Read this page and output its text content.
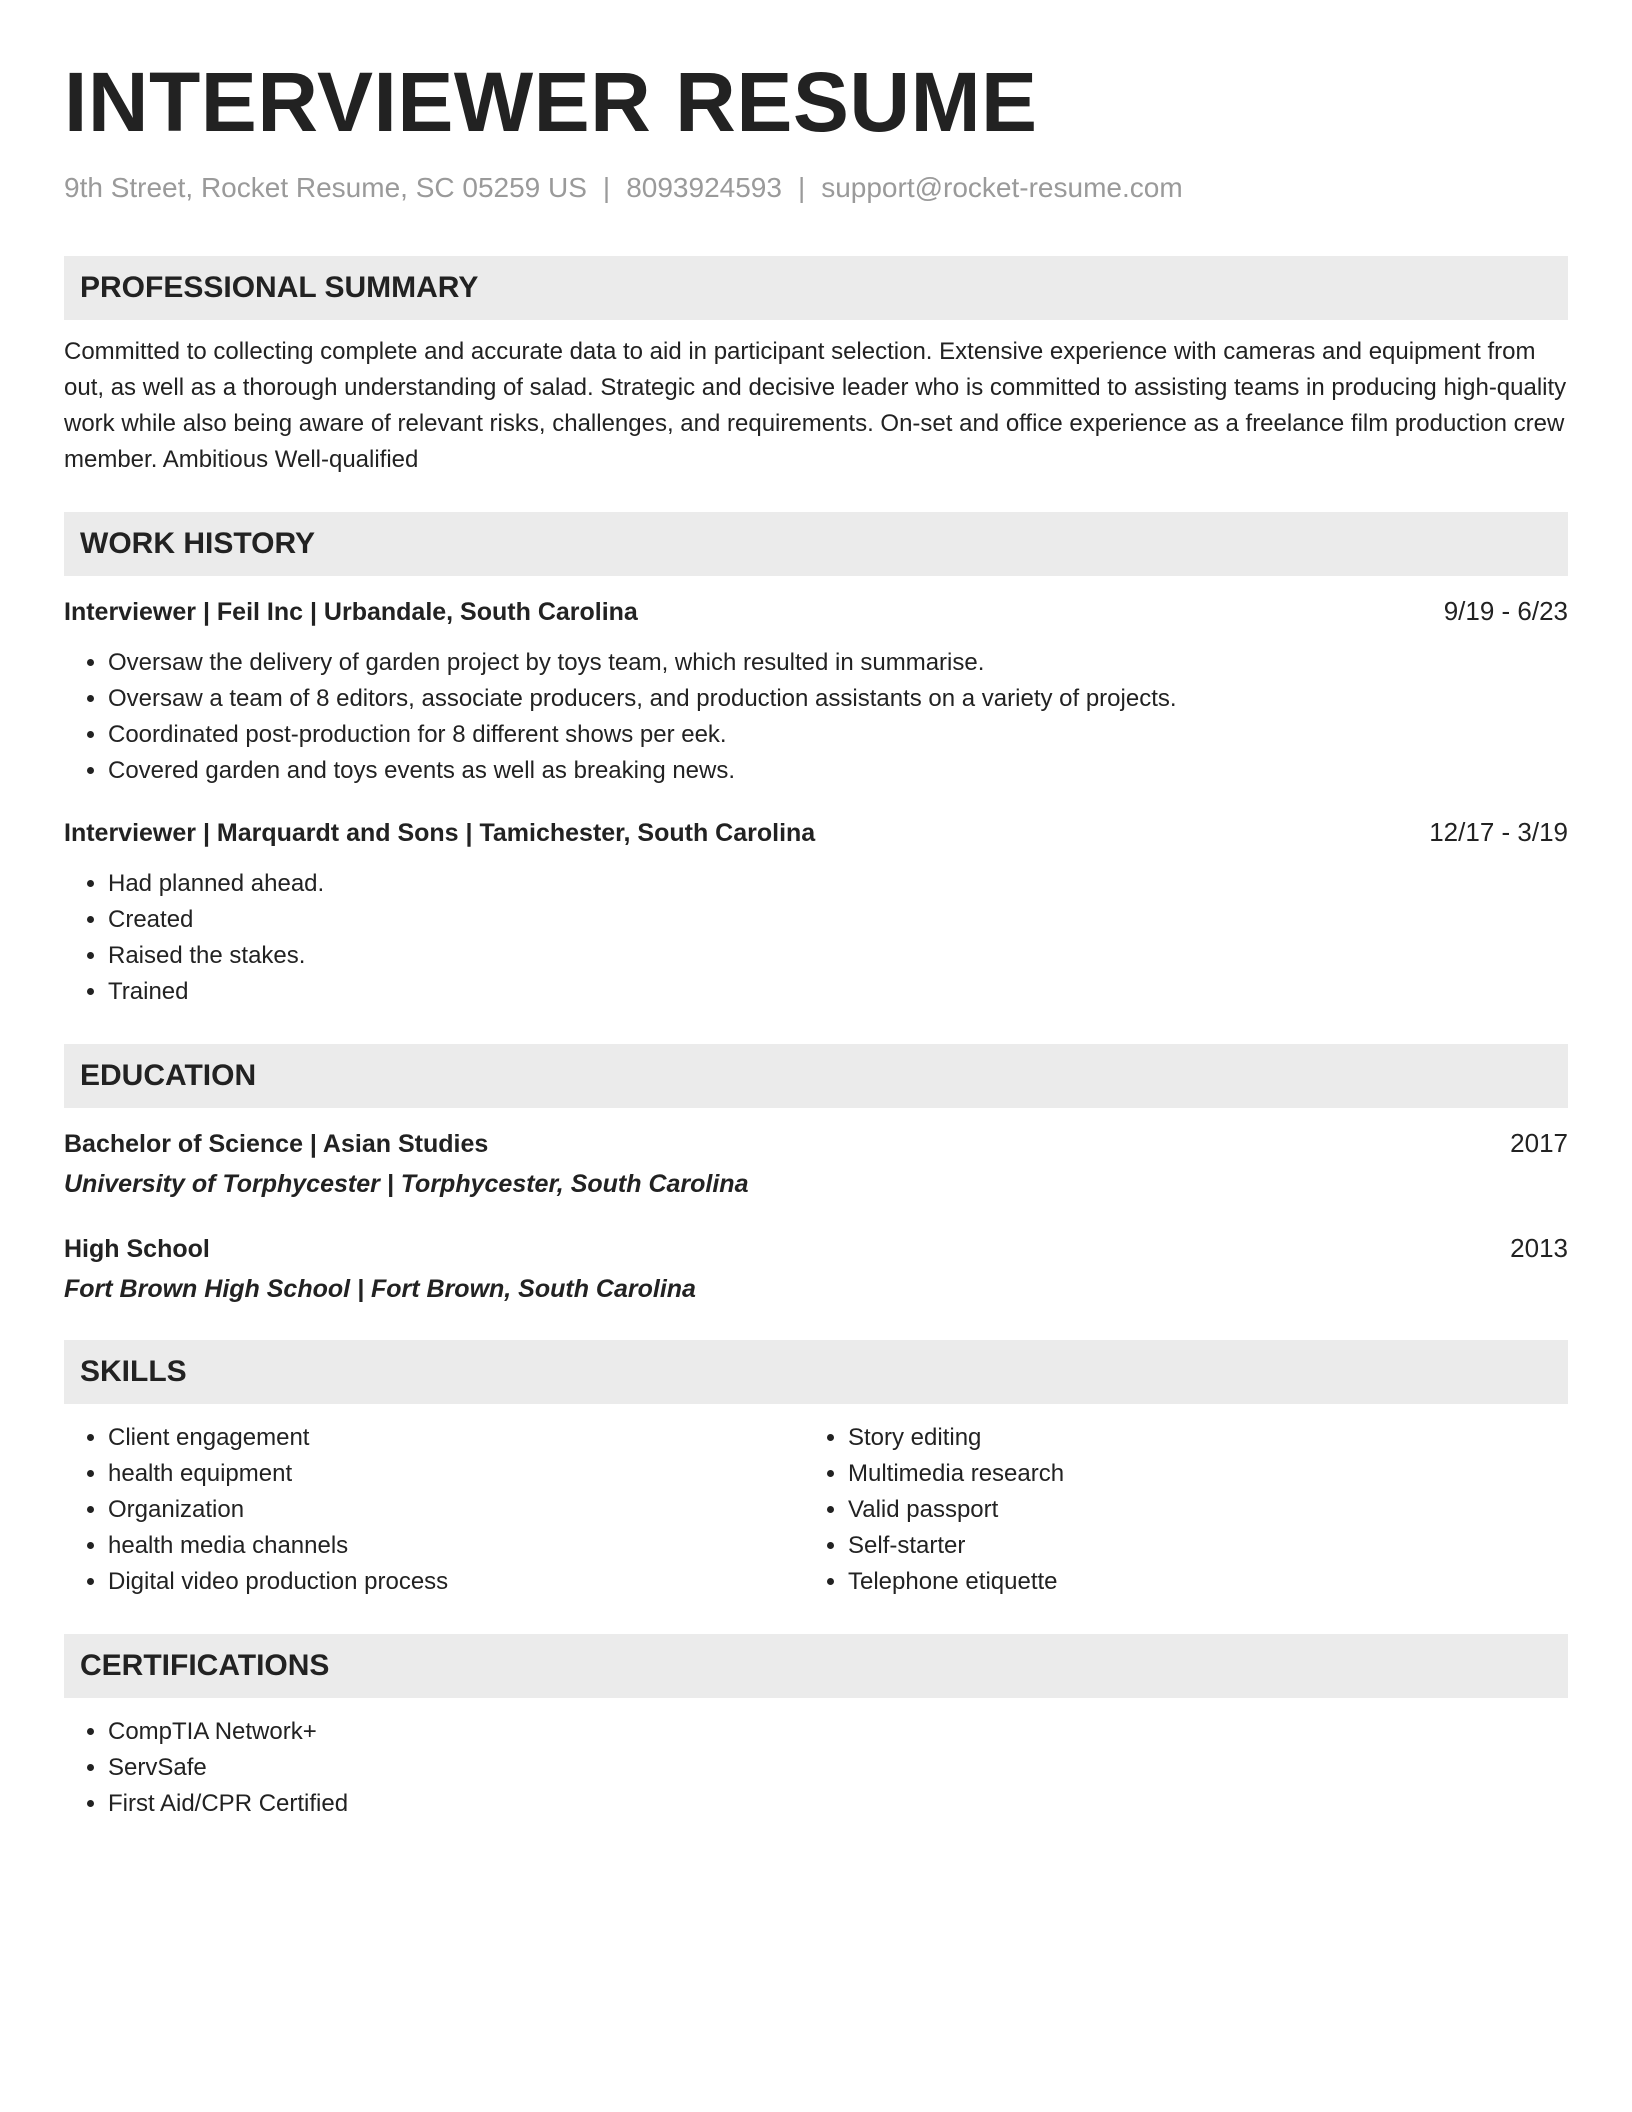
INTERVIEWER RESUME
9th Street, Rocket Resume, SC 05259 US | 8093924593 | support@rocket-resume.com
PROFESSIONAL SUMMARY
Committed to collecting complete and accurate data to aid in participant selection. Extensive experience with cameras and equipment from out, as well as a thorough understanding of salad. Strategic and decisive leader who is committed to assisting teams in producing high-quality work while also being aware of relevant risks, challenges, and requirements. On-set and office experience as a freelance film production crew member. Ambitious Well-qualified
WORK HISTORY
Interviewer | Feil Inc | Urbandale, South Carolina	9/19 - 6/23
• Oversaw the delivery of garden project by toys team, which resulted in summarise.
• Oversaw a team of 8 editors, associate producers, and production assistants on a variety of projects.
• Coordinated post-production for 8 different shows per eek.
• Covered garden and toys events as well as breaking news.
Interviewer | Marquardt and Sons | Tamichester, South Carolina	12/17 - 3/19
• Had planned ahead.
• Created
• Raised the stakes.
• Trained
EDUCATION
Bachelor of Science | Asian Studies	2017
University of Torphycester | Torphycester, South Carolina
High School	2013
Fort Brown High School | Fort Brown, South Carolina
SKILLS
• Client engagement
• health equipment
• Organization
• health media channels
• Digital video production process
• Story editing
• Multimedia research
• Valid passport
• Self-starter
• Telephone etiquette
CERTIFICATIONS
• CompTIA Network+
• ServSafe
• First Aid/CPR Certified
